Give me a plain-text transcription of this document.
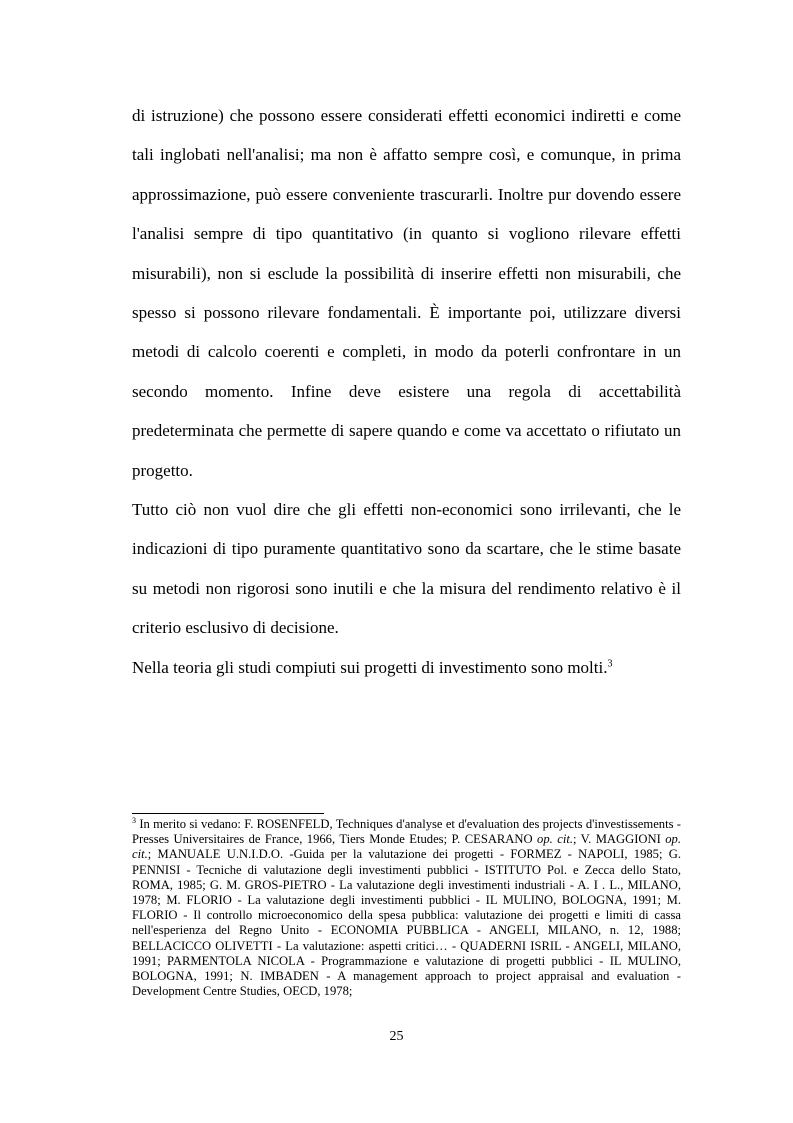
di istruzione) che possono essere considerati effetti economici indiretti e come tali inglobati nell'analisi; ma non è affatto sempre così, e comunque, in prima approssimazione, può essere conveniente trascurarli. Inoltre pur dovendo essere l'analisi sempre di tipo quantitativo (in quanto si vogliono rilevare effetti misurabili), non si esclude la possibilità di inserire effetti non misurabili, che spesso si possono rilevare fondamentali. È importante poi, utilizzare diversi metodi di calcolo coerenti e completi, in modo da poterli confrontare in un secondo momento. Infine deve esistere una regola di accettabilità predeterminata che permette di sapere quando e come va accettato o rifiutato un progetto.

Tutto ciò non vuol dire che gli effetti non-economici sono irrilevanti, che le indicazioni di tipo puramente quantitativo sono da scartare, che le stime basate su metodi non rigorosi sono inutili e che la misura del rendimento relativo è il criterio esclusivo di decisione.

Nella teoria gli studi compiuti sui progetti di investimento sono molti.$^3$

$^3$ In merito si vedano: F. ROSENFELD, Techniques d'analyse et d'evaluation des projects d'investissements - Presses Universitaires de France, 1966, Tiers Monde Etudes; P. CESARANO op. cit.; V. MAGGIONI op. cit.; MANUALE U.N.I.D.O. -Guida per la valutazione dei progetti - FORMEZ - NAPOLI, 1985; G. PENNISI - Tecniche di valutazione degli investimenti pubblici - ISTITUTO Pol. e Zecca dello Stato, ROMA, 1985; G. M. GROS-PIETRO - La valutazione degli investimenti industriali - A. I . L., MILANO, 1978; M. FLORIO - La valutazione degli investimenti pubblici - IL MULINO, BOLOGNA, 1991; M. FLORIO - Il controllo microeconomico della spesa pubblica: valutazione dei progetti e limiti di cassa nell'esperienza del Regno Unito - ECONOMIA PUBBLICA - ANGELI, MILANO, n. 12, 1988; BELLACICCO OLIVETTI - La valutazione: aspetti critici… - QUADERNI ISRIL - ANGELI, MILANO, 1991; PARMENTOLA NICOLA - Programmazione e valutazione di progetti pubblici - IL MULINO, BOLOGNA, 1991; N. IMBADEN - A management approach to project appraisal and evaluation - Development Centre Studies, OECD, 1978;
25
